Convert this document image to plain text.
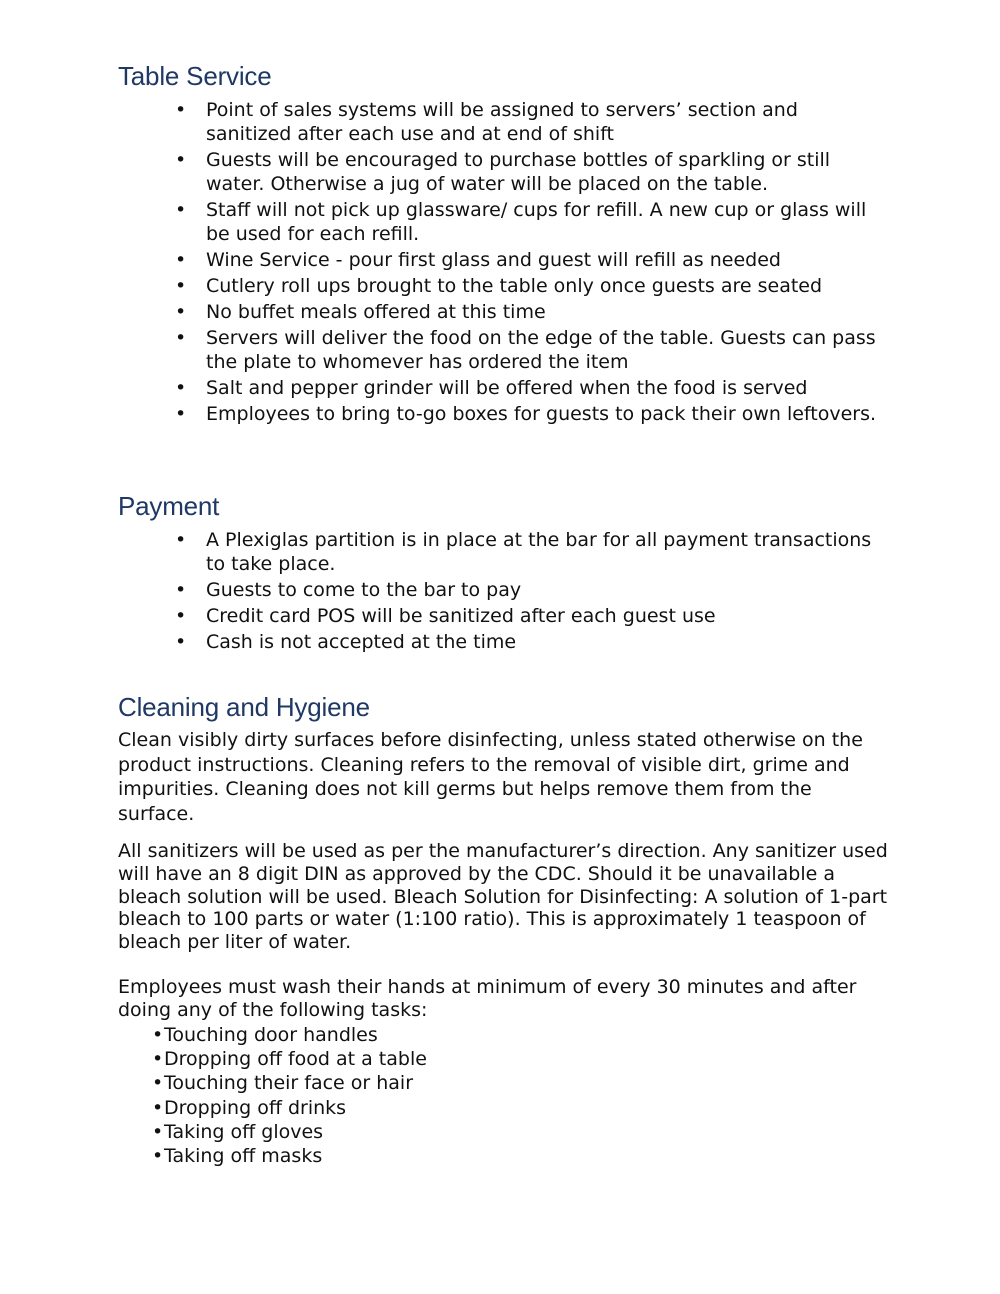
Table Service
• Point of sales systems will be assigned to servers’ section and sanitized after each use and at end of shift
• Guests will be encouraged to purchase bottles of sparkling or still water. Otherwise a jug of water will be placed on the table.
• Staff will not pick up glassware/ cups for refill. A new cup or glass will be used for each refill.
• Wine Service - pour first glass and guest will refill as needed
• Cutlery roll ups brought to the table only once guests are seated
• No buffet meals offered at this time
• Servers will deliver the food on the edge of the table. Guests can pass the plate to whomever has ordered the item
• Salt and pepper grinder will be offered when the food is served
• Employees to bring to-go boxes for guests to pack their own leftovers.
Payment
• A Plexiglas partition is in place at the bar for all payment transactions to take place.
• Guests to come to the bar to pay
• Credit card POS will be sanitized after each guest use
• Cash is not accepted at the time
Cleaning and Hygiene

Clean visibly dirty surfaces before disinfecting, unless stated otherwise on the product instructions. Cleaning refers to the removal of visible dirt, grime and impurities. Cleaning does not kill germs but helps remove them from the surface.

All sanitizers will be used as per the manufacturer’s direction. Any sanitizer used will have an 8 digit DIN as approved by the CDC. Should it be unavailable a bleach solution will be used. Bleach Solution for Disinfecting: A solution of 1-part bleach to 100 parts or water (1:100 ratio). This is approximately 1 teaspoon of bleach per liter of water.

Employees must wash their hands at minimum of every 30 minutes and after doing any of the following tasks:

• Touching door handles
• Dropping off food at a table
• Touching their face or hair
• Dropping off drinks
• Taking off gloves
• Taking off masks
